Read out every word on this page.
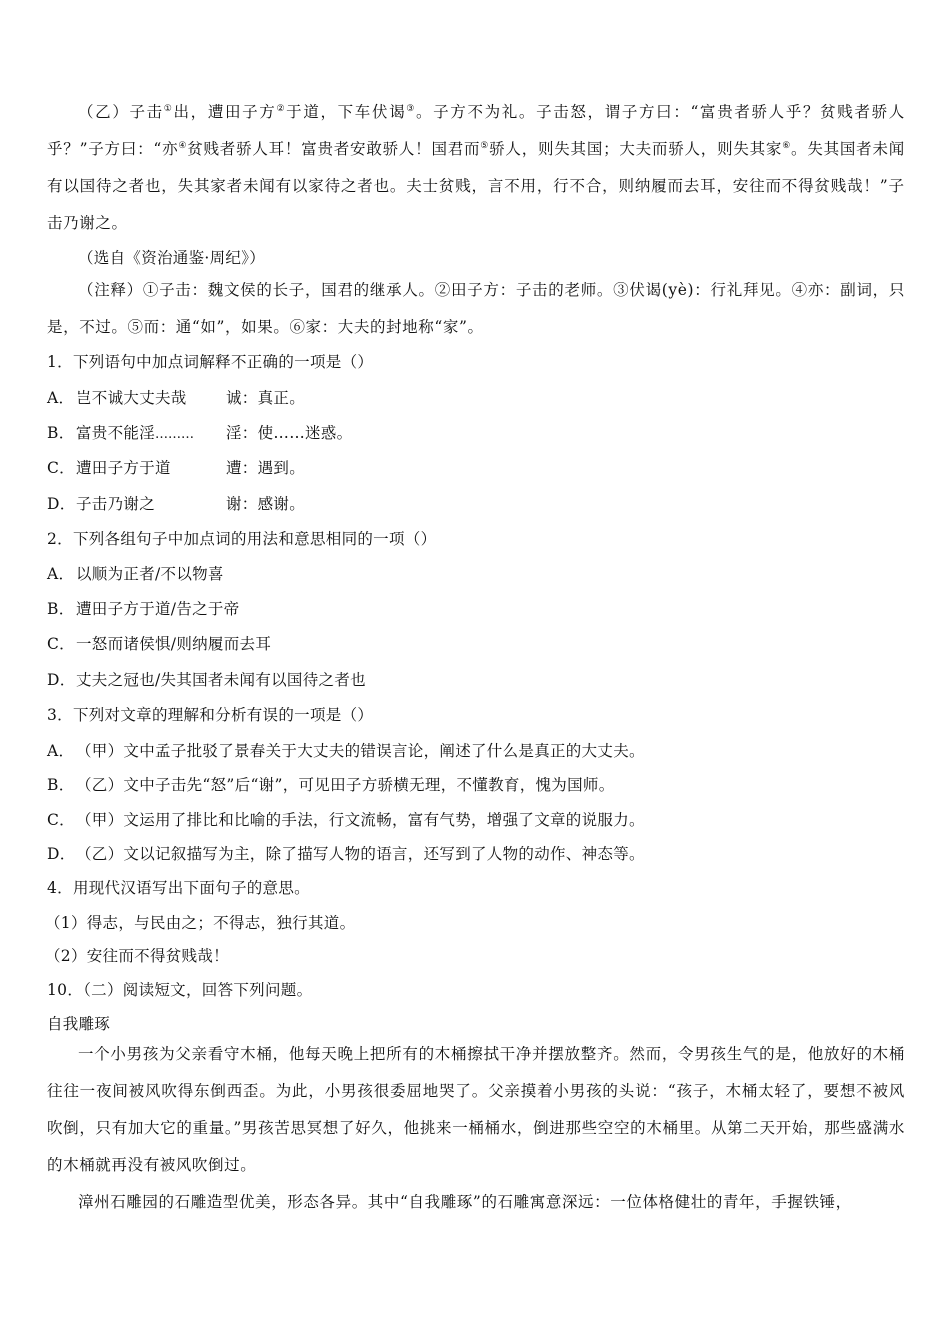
（乙）子击①出，遭田子方②于道，下车伏谒③。子方不为礼。子击怒，谓子方曰：“富贵者骄人乎？贫贱者骄人乎？”子方曰：“亦④贫贱者骄人耳！富贵者安敢骄人！国君而⑤骄人，则失其国；大夫而骄人，则失其家⑥。失其国者未闻有以国待之者也，失其家者未闻有以家待之者也。夫士贫贱，言不用，行不合，则纳履而去耳，安往而不得贫贱哉！”子击乃谢之。
（选自《资治通鉴·周纪》）
（注释）①子击：魏文侯的长子，国君的继承人。②田子方：子击的老师。③伏谒(yè)：行礼拜见。④亦：副词，只是，不过。⑤而：通“如”，如果。⑥家：大夫的封地称“家”。
1．下列语句中加点词解释不正确的一项是（）
A． 岂不诚大丈夫哉	诚：真正。
B．富贵不能淫……… 淫：使……迷惑。
C．遭田子方于道	遭：遇到。
D．子击乃谢之	谢：感谢。
2．下列各组句子中加点词的用法和意思相同的一项（）
A． 以顺为正者/不以物喜
B．遭田子方于道/告之于帝
C．一怒而诸侯惧/则纳履而去耳
D．丈夫之冠也/失其国者未闻有以国待之者也
3．下列对文章的理解和分析有误的一项是（）
A． （甲）文中孟子批驳了景春关于大丈夫的错误言论，阐述了什么是真正的大丈夫。
B．（乙）文中子击先“怒”后“谢”，可见田子方骄横无理，不懂教育，愧为国师。
C．（甲）文运用了排比和比喻的手法，行文流畅，富有气势，增强了文章的说服力。
D．（乙）文以记叙描写为主，除了描写人物的语言，还写到了人物的动作、神态等。
4．用现代汉语写出下面句子的意思。
（1）得志，与民由之；不得志，独行其道。
（2）安往而不得贫贱哉！
10．（二）阅读短文，回答下列问题。
自我雕琢
一个小男孩为父亲看守木桶，他每天晚上把所有的木桶擦拭干净并摆放整齐。然而，令男孩生气的是，他放好的木桶往往一夜间被风吹得东倒西歪。为此，小男孩很委屈地哭了。父亲摸着小男孩的头说：“孩子，木桶太轻了，要想不被风吹倒，只有加大它的重量。”男孩苦思冥想了好久，他挑来一桶桶水，倒进那些空空的木桶里。从第二天开始，那些盛满水的木桶就再没有被风吹倒过。
漳州石雕园的石雕造型优美，形态各异。其中“自我雕琢”的石雕寓意深远：一位体格健壮的青年，手握铁锤，
